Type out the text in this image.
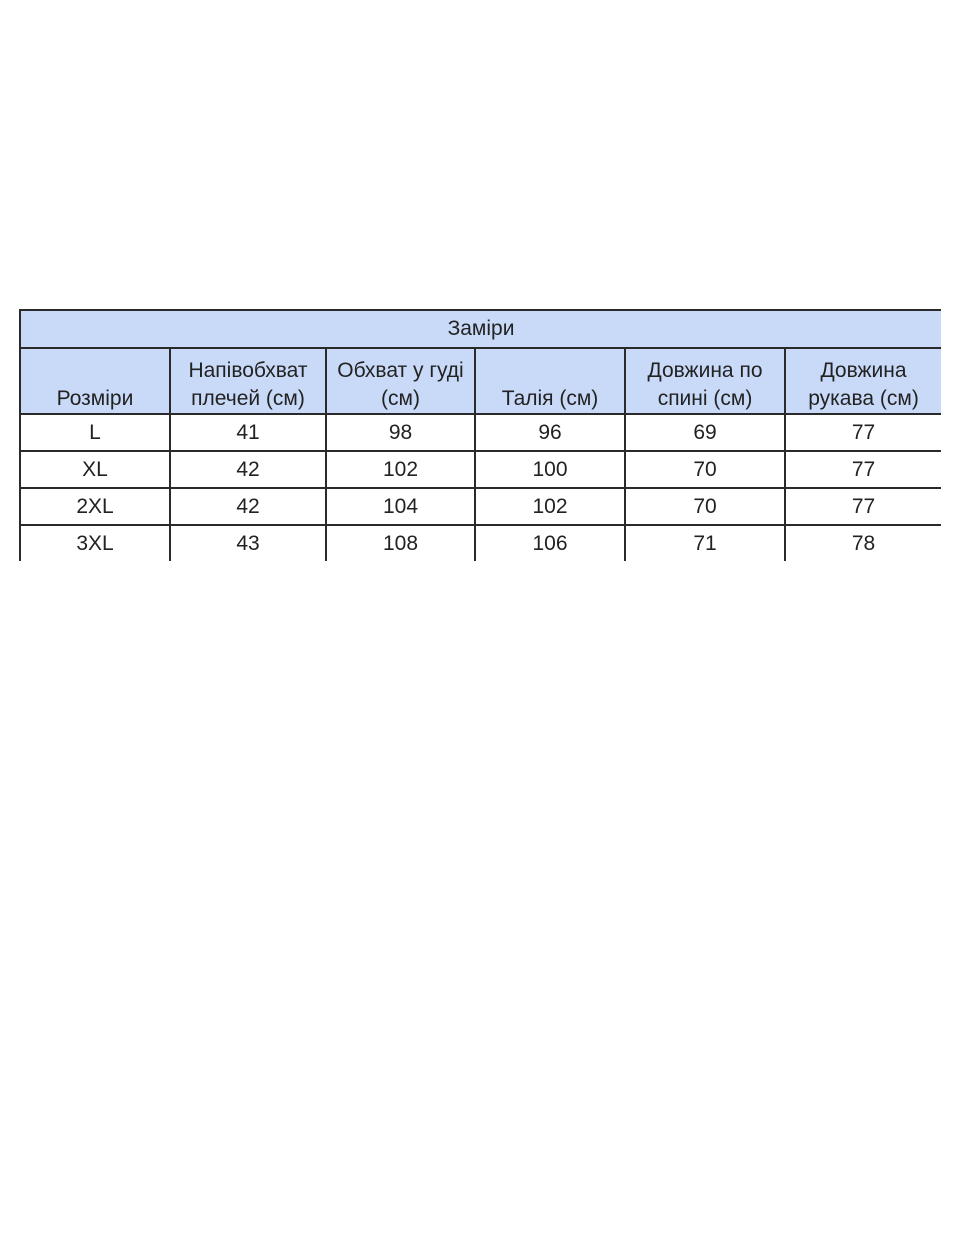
Заміри					
Розміри	Напівобхват плечей (см)	Обхват у гуді (см)	Талія (см)	Довжина по спині (см)	Довжина рукава (см)
L	41	98	96	69	77
XL	42	102	100	70	77
2XL	42	104	102	70	77
3XL	43	108	106	71	78
